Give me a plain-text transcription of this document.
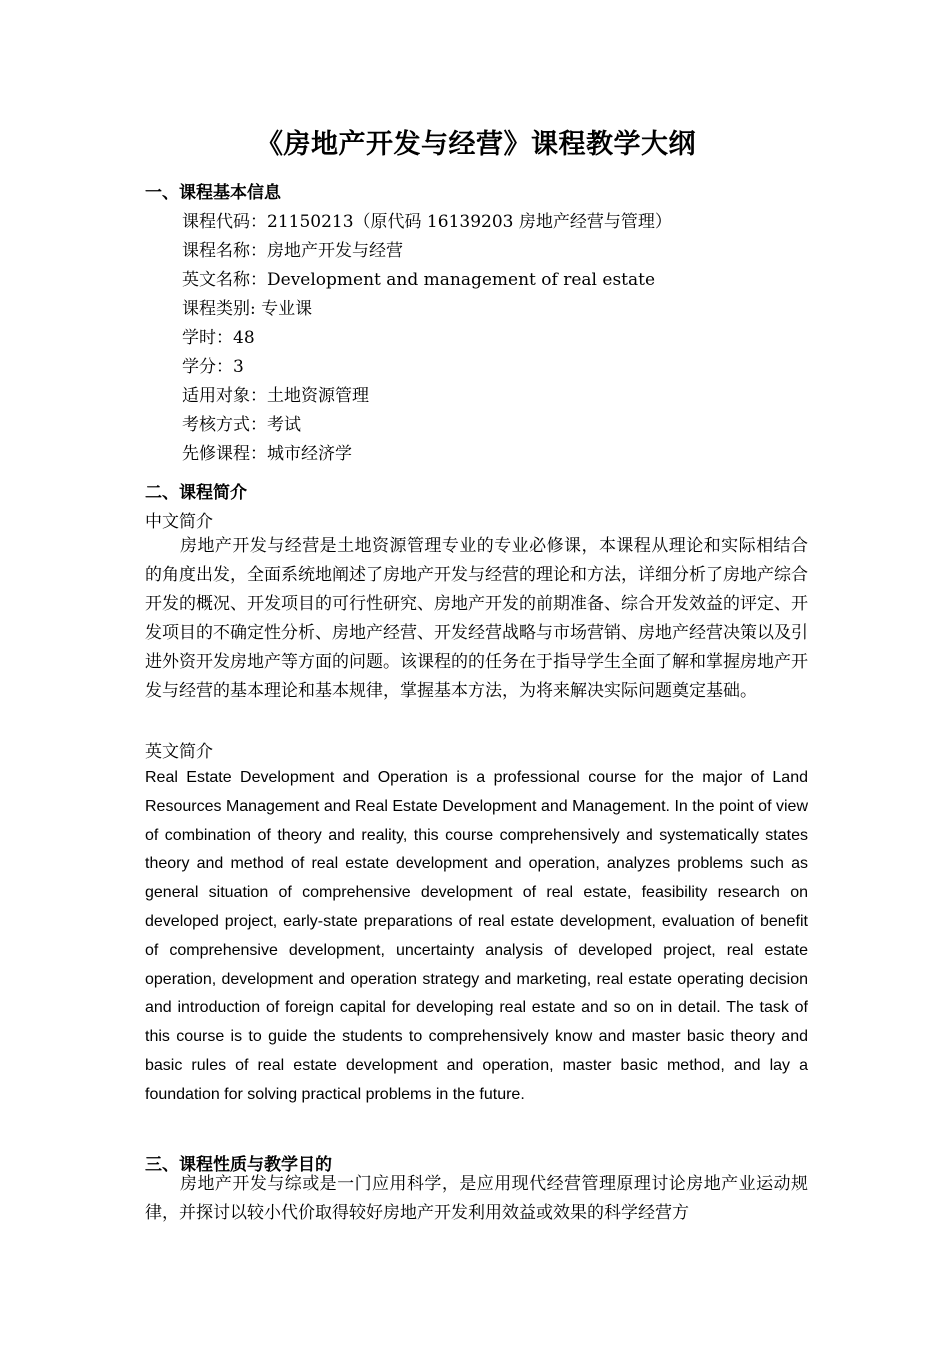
《房地产开发与经营》课程教学大纲
一、课程基本信息
课程代码：21150213（原代码 16139203 房地产经营与管理）
课程名称：房地产开发与经营
英文名称：Development and management of real estate
课程类别: 专业课
学时：48
学分：3
适用对象：土地资源管理
考核方式：考试
先修课程：城市经济学
二、课程简介
中文简介

房地产开发与经营是土地资源管理专业的专业必修课，本课程从理论和实际相结合的角度出发，全面系统地阐述了房地产开发与经营的理论和方法，详细分析了房地产综合开发的概况、开发项目的可行性研究、房地产开发的前期准备、综合开发效益的评定、开发项目的不确定性分析、房地产经营、开发经营战略与市场营销、房地产经营决策以及引进外资开发房地产等方面的问题。该课程的的任务在于指导学生全面了解和掌握房地产开发与经营的基本理论和基本规律，掌握基本方法，为将来解决实际问题奠定基础。

英文简介

Real Estate Development and Operation is a professional course for the major of Land Resources Management and Real Estate Development and Management. In the point of view of combination of theory and reality, this course comprehensively and systematically states theory and method of real estate development and operation, analyzes problems such as general situation of comprehensive development of real estate, feasibility research on developed project, early-state preparations of real estate development, evaluation of benefit of comprehensive development, uncertainty analysis of developed project, real estate operation, development and operation strategy and marketing, real estate operating decision and introduction of foreign capital for developing real estate and so on in detail. The task of this course is to guide the students to comprehensively know and master basic theory and basic rules of real estate development and operation, master basic method, and lay a foundation for solving practical problems in the future.

三、课程性质与教学目的

房地产开发与综或是一门应用科学，是应用现代经营管理原理讨论房地产业运动规律，并探讨以较小代价取得较好房地产开发利用效益或效果的科学经营方
